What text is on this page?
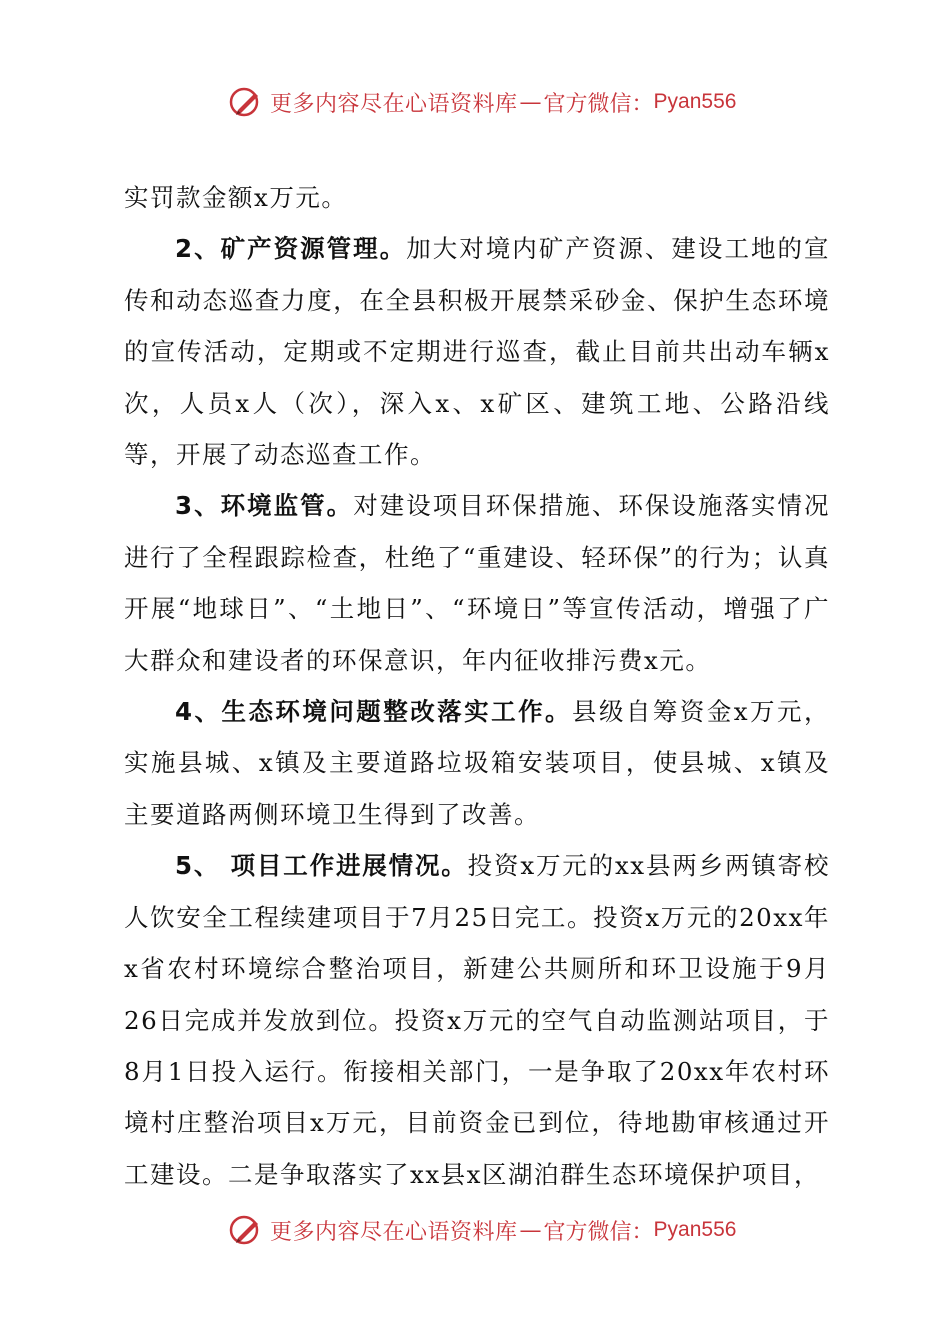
更多内容尽在心语资料库 — 官方微信： Pyan556

实罚款金额x万元。

2、矿产资源管理。加大对境内矿产资源、建设工地的宣传和动态巡查力度，在全县积极开展禁采砂金、保护生态环境的宣传活动，定期或不定期进行巡查，截止目前共出动车辆x次，人员x人（次），深入x、x矿区、建筑工地、公路沿线等，开展了动态巡查工作。

3、环境监管。对建设项目环保措施、环保设施落实情况进行了全程跟踪检查，杜绝了“重建设、轻环保”的行为；认真开展“地球日”、“土地日”、“环境日”等宣传活动，增强了广大群众和建设者的环保意识，年内征收排污费x元。

4、生态环境问题整改落实工作。县级自筹资金x万元，实施县城、x镇及主要道路垃圾箱安装项目，使县城、x镇及主要道路两侧环境卫生得到了改善。

5、 项目工作进展情况。投资x万元的xx县两乡两镇寄校人饮安全工程续建项目于7月25日完工。投资x万元的20xx年x省农村环境综合整治项目，新建公共厕所和环卫设施于9月26日完成并发放到位。投资x万元的空气自动监测站项目，于8月1日投入运行。衔接相关部门，一是争取了20xx年农村环境村庄整治项目x万元，目前资金已到位，待地勘审核通过开工建设。二是争取落实了xx县x区湖泊群生态环境保护项目，

更多内容尽在心语资料库 — 官方微信： Pyan556
